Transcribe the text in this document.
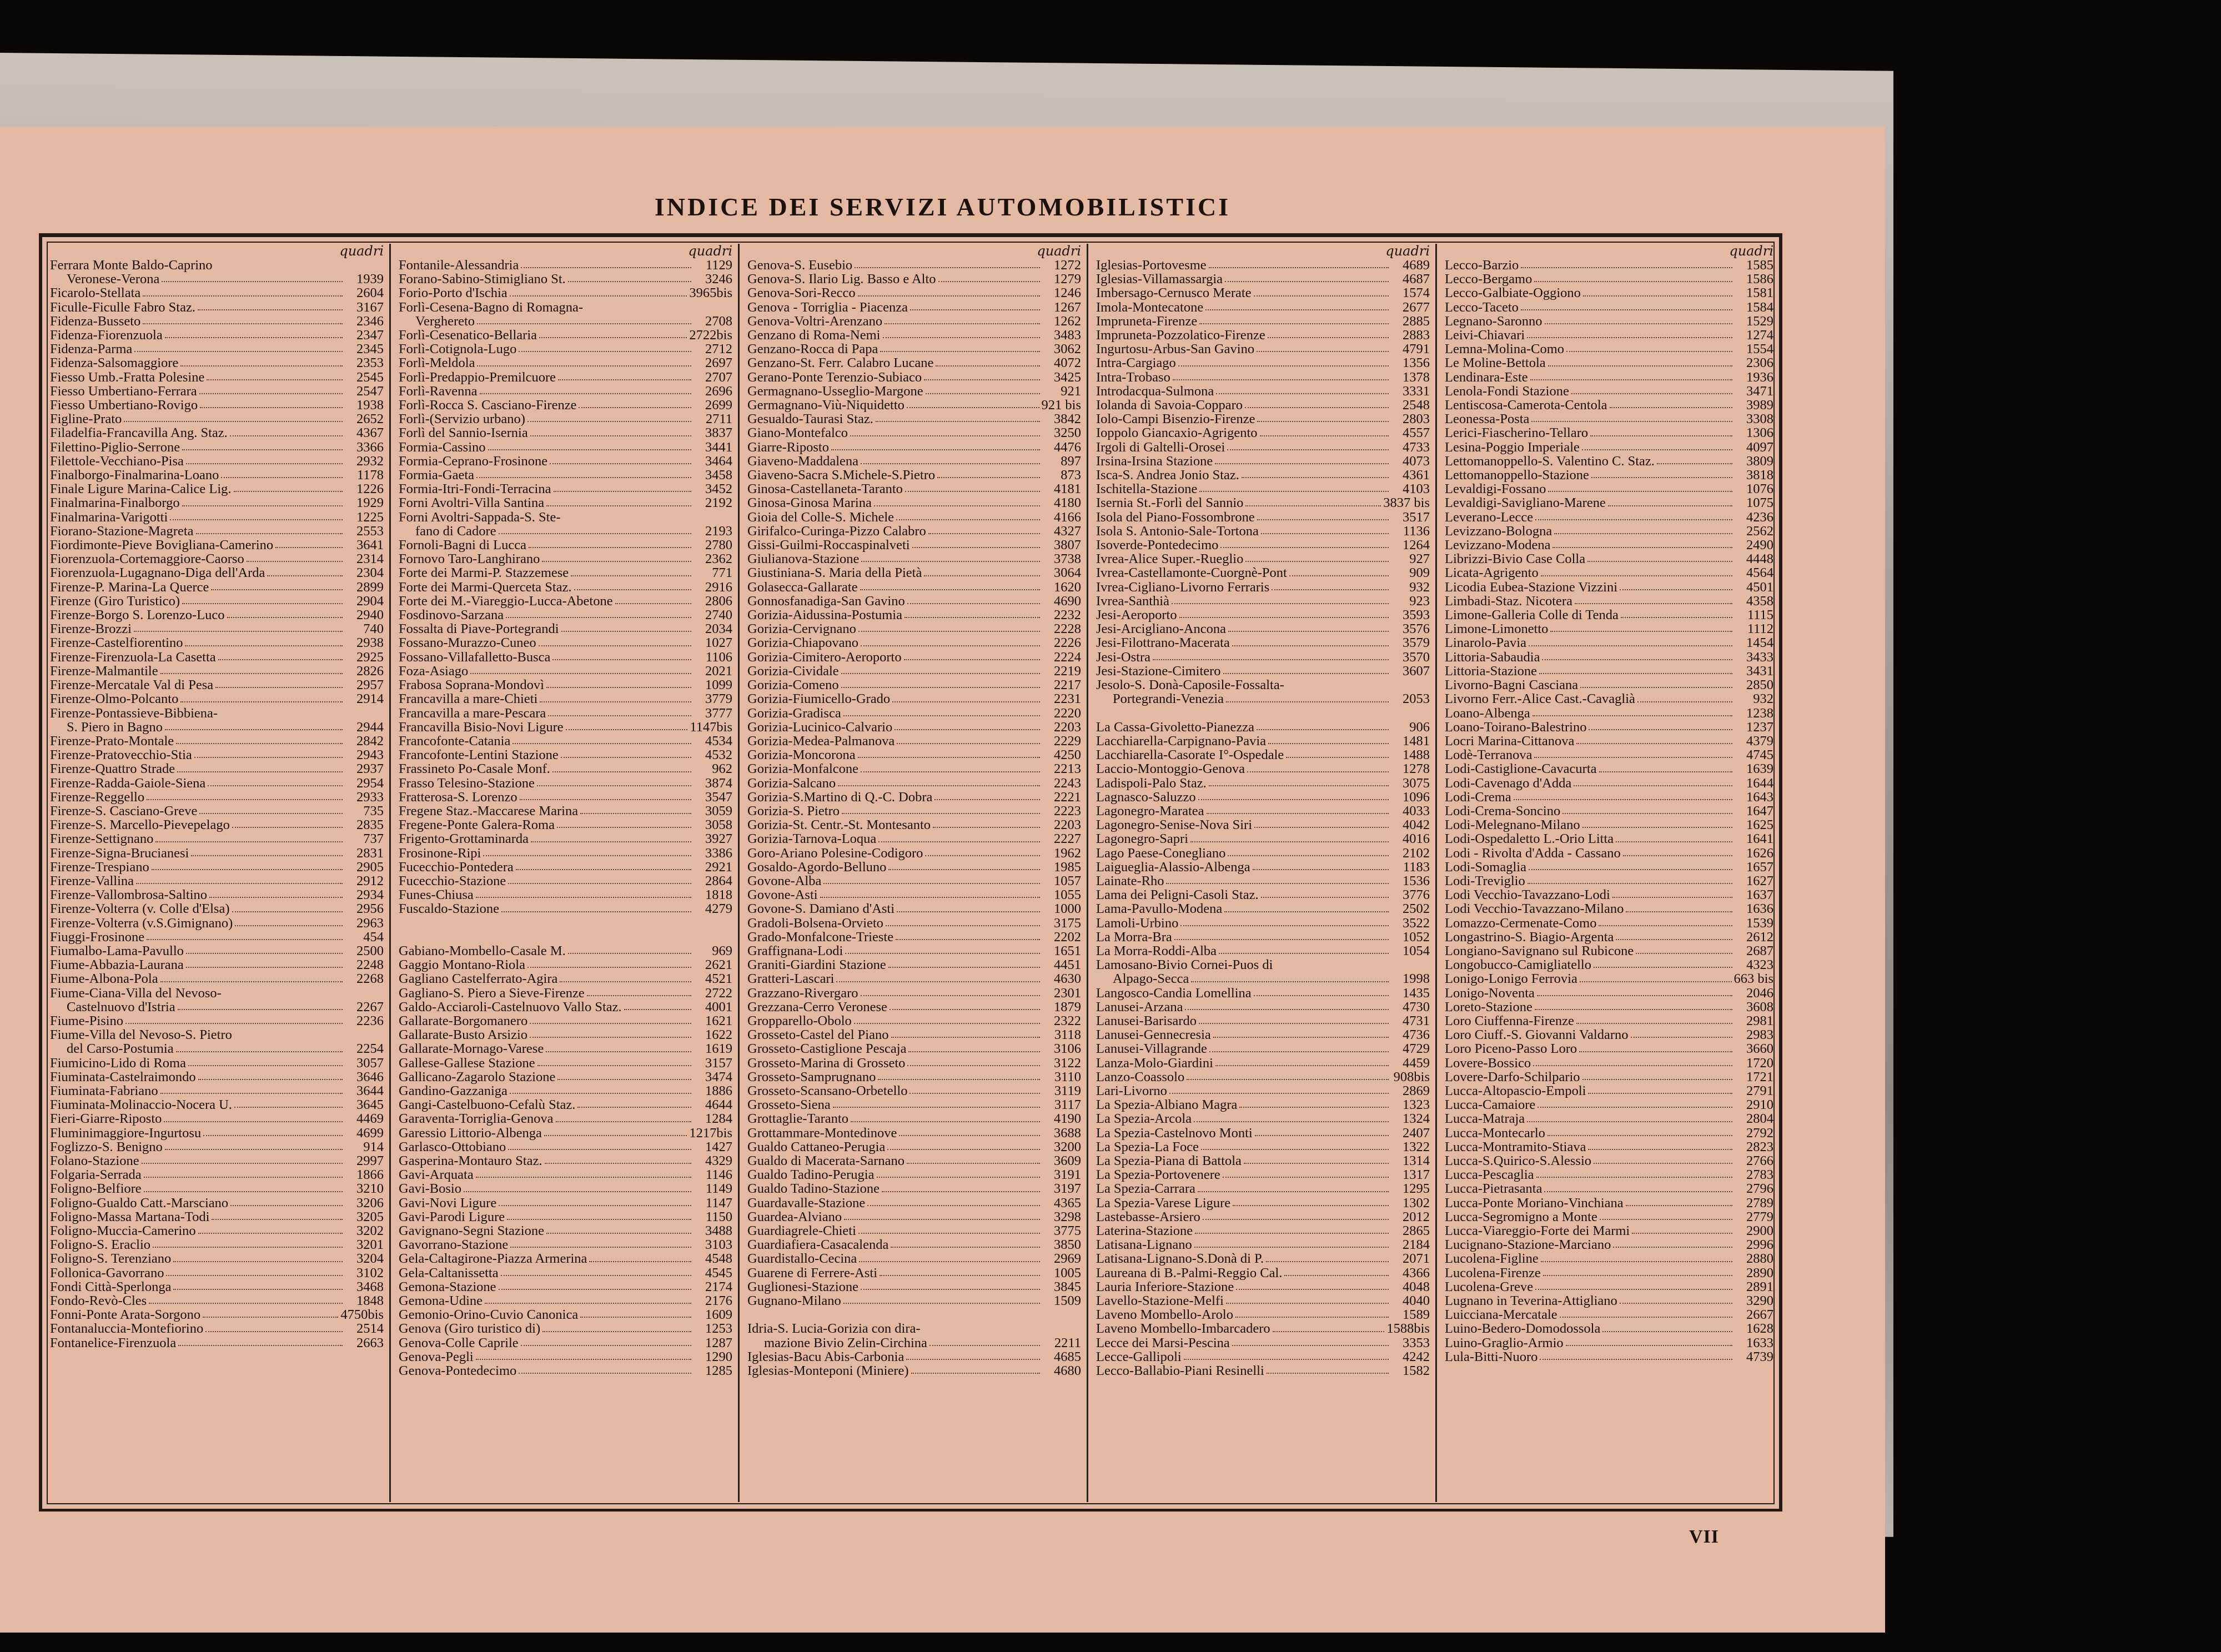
INDICE DEI SERVIZI AUTOMOBILISTICI
quadri
Ferrara Monte Baldo-Caprino
Veronese-Verona	1939
Ficarolo-Stellata	2604
Ficulle-Ficulle Fabro Staz.	3167
Fidenza-Busseto	2346
Fidenza-Fiorenzuola	2347
Fidenza-Parma	2345
Fidenza-Salsomaggiore	2353
Fiesso Umb.-Fratta Polesine	2545
Fiesso Umbertiano-Ferrara	2547
Fiesso Umbertiano-Rovigo	1938
Figline-Prato	2652
Filadelfia-Francavilla Ang. Staz.	4367
Filettino-Piglio-Serrone	3366
Filettole-Vecchiano-Pisa	2932
Finalborgo-Finalmarina-Loano	1178
Finale Ligure Marina-Calice Lig.	1226
Finalmarina-Finalborgo	1929
Finalmarina-Varigotti	1225
Fiorano-Stazione-Magreta	2553
Fiordimonte-Pieve Bovigliana-Camerino	3641
Fiorenzuola-Cortemaggiore-Caorso	2314
Fiorenzuola-Lugagnano-Diga dell'Arda	2304
Firenze-P. Marina-La Querce	2899
Firenze (Giro Turistico)	2904
Firenze-Borgo S. Lorenzo-Luco	2940
Firenze-Brozzi	740
Firenze-Castelfiorentino	2938
Firenze-Firenzuola-La Casetta	2925
Firenze-Malmantile	2826
Firenze-Mercatale Val di Pesa	2957
Firenze-Olmo-Polcanto	2914
Firenze-Pontassieve-Bibbiena-
S. Piero in Bagno	2944
Firenze-Prato-Montale	2842
Firenze-Pratovecchio-Stia	2943
Firenze-Quattro Strade	2937
Firenze-Radda-Gaiole-Siena	2954
Firenze-Reggello	2933
Firenze-S. Casciano-Greve	735
Firenze-S. Marcello-Pievepelago	2835
Firenze-Settignano	737
Firenze-Signa-Brucianesi	2831
Firenze-Trespiano	2905
Firenze-Vallina	2912
Firenze-Vallombrosa-Saltino	2934
Firenze-Volterra (v. Colle d'Elsa)	2956
Firenze-Volterra (v.S.Gimignano)	2963
Fiuggi-Frosinone	454
Fiumalbo-Lama-Pavullo	2500
Fiume-Abbazia-Laurana	2248
Fiume-Albona-Pola	2268
Fiume-Ciana-Villa del Nevoso-
Castelnuovo d'Istria	2267
Fiume-Pisino	2236
Fiume-Villa del Nevoso-S. Pietro
del Carso-Postumia	2254
Fiumicino-Lido di Roma	3057
Fiuminata-Castelraimondo	3646
Fiuminata-Fabriano	3644
Fiuminata-Molinaccio-Nocera U.	3645
Fieri-Giarre-Riposto	4469
Fluminimaggiore-Ingurtosu	4699
Foglizzo-S. Benigno	914
Folano-Stazione	2997
Folgaria-Serrada	1866
Foligno-Belfiore	3210
Foligno-Gualdo Catt.-Marsciano	3206
Foligno-Massa Martana-Todi	3205
Foligno-Muccia-Camerino	3202
Foligno-S. Eraclio	3201
Foligno-S. Terenziano	3204
Follonica-Gavorrano	3102
Fondi Città-Sperlonga	3468
Fondo-Revò-Cles	1848
Fonni-Ponte Arata-Sorgono	4750bis
Fontanaluccia-Montefiorino	2514
Fontanelice-Firenzuola	2663
quadri
Fontanile-Alessandria	1129
Forano-Sabino-Stimigliano St.	3246
Forio-Porto d'Ischia	3965bis
Forlì-Cesena-Bagno di Romagna-
Verghereto	2708
Forlì-Cesenatico-Bellaria	2722bis
Forlì-Cotignola-Lugo	2712
Forlì-Meldola	2697
Forlì-Predappio-Premilcuore	2707
Forlì-Ravenna	2696
Forlì-Rocca S. Casciano-Firenze	2699
Forlì-(Servizio urbano)	2711
Forlì del Sannio-Isernia	3837
Formia-Cassino	3441
Formia-Ceprano-Frosinone	3464
Formia-Gaeta	3458
Formia-Itri-Fondi-Terracina	3452
Forni Avoltri-Villa Santina	2192
Forni Avoltri-Sappada-S. Ste-
fano di Cadore	2193
Fornoli-Bagni di Lucca	2780
Fornovo Taro-Langhirano	2362
Forte dei Marmi-P. Stazzemese	771
Forte dei Marmi-Querceta Staz.	2916
Forte dei M.-Viareggio-Lucca-Abetone	2806
Fosdinovo-Sarzana	2740
Fossalta di Piave-Portegrandi	2034
Fossano-Murazzo-Cuneo	1027
Fossano-Villafalletto-Busca	1106
Foza-Asiago	2021
Frabosa Soprana-Mondovì	1099
Francavilla a mare-Chieti	3779
Francavilla a mare-Pescara	3777
Francavilla Bisio-Novi Ligure	1147bis
Francofonte-Catania	4534
Francofonte-Lentini Stazione	4532
Frassineto Po-Casale Monf.	962
Frasso Telesino-Stazione	3874
Fratterosa-S. Lorenzo	3547
Fregene Staz.-Maccarese Marina	3059
Fregene-Ponte Galera-Roma	3058
Frigento-Grottaminarda	3927
Frosinone-Ripi	3386
Fucecchio-Pontedera	2921
Fucecchio-Stazione	2864
Funes-Chiusa	1818
Fuscaldo-Stazione	4279
Gabiano-Mombello-Casale M.	969
Gaggio Montano-Riola	2621
Gagliano Castelferrato-Agira	4521
Gagliano-S. Piero a Sieve-Firenze	2722
Galdo-Acciaroli-Castelnuovo Vallo Staz.	4001
Gallarate-Borgomanero	1621
Gallarate-Busto Arsizio	1622
Gallarate-Mornago-Varese	1619
Gallese-Gallese Stazione	3157
Gallicano-Zagarolo Stazione	3474
Gandino-Gazzaniga	1886
Gangi-Castelbuono-Cefalù Staz.	4644
Garaventa-Torriglia-Genova	1284
Garessio Littorio-Albenga	1217bis
Garlasco-Ottobiano	1427
Gasperina-Montauro Staz.	4329
Gavi-Arquata	1146
Gavi-Bosio	1149
Gavi-Novi Ligure	1147
Gavi-Parodi Ligure	1150
Gavignano-Segni Stazione	3488
Gavorrano-Stazione	3103
Gela-Caltagirone-Piazza Armerina	4548
Gela-Caltanissetta	4545
Gemona-Stazione	2174
Gemona-Udine	2176
Gemonio-Orino-Cuvio Canonica	1609
Genova (Giro turistico di)	1253
Genova-Colle Caprile	1287
Genova-Pegli	1290
Genova-Pontedecimo	1285
quadri
Genova-S. Eusebio	1272
Genova-S. Ilario Lig. Basso e Alto	1279
Genova-Sori-Recco	1246
Genova - Torriglia - Piacenza	1267
Genova-Voltri-Arenzano	1262
Genzano di Roma-Nemi	3483
Genzano-Rocca di Papa	3062
Genzano-St. Ferr. Calabro Lucane	4072
Gerano-Ponte Terenzio-Subiaco	3425
Germagnano-Usseglio-Margone	921
Germagnano-Viù-Niquidetto	921 bis
Gesualdo-Taurasi Staz.	3842
Giano-Montefalco	3250
Giarre-Riposto	4476
Giaveno-Maddalena	897
Giaveno-Sacra S.Michele-S.Pietro	873
Ginosa-Castellaneta-Taranto	4181
Ginosa-Ginosa Marina	4180
Gioia del Colle-S. Michele	4166
Girifalco-Curinga-Pizzo Calabro	4327
Gissi-Guilmi-Roccaspinalveti	3807
Giulianova-Stazione	3738
Giustiniana-S. Maria della Pietà	3064
Golasecca-Gallarate	1620
Gonnosfanadiga-San Gavino	4690
Gorizia-Aidussina-Postumia	2232
Gorizia-Cervignano	2228
Gorizia-Chiapovano	2226
Gorizia-Cimitero-Aeroporto	2224
Gorizia-Cividale	2219
Gorizia-Comeno	2217
Gorizia-Fiumicello-Grado	2231
Gorizia-Gradisca	2220
Gorizia-Lucinico-Calvario	2203
Gorizia-Medea-Palmanova	2229
Gorizia-Moncorona	4250
Gorizia-Monfalcone	2213
Gorizia-Salcano	2243
Gorizia-S.Martino di Q.-C. Dobra	2221
Gorizia-S. Pietro	2223
Gorizia-St. Centr.-St. Montesanto	2203
Gorizia-Tarnova-Loqua	2227
Goro-Ariano Polesine-Codigoro	1962
Gosaldo-Agordo-Belluno	1985
Govone-Alba	1057
Govone-Asti	1055
Govone-S. Damiano d'Asti	1000
Gradoli-Bolsena-Orvieto	3175
Grado-Monfalcone-Trieste	2202
Graffignana-Lodi	1651
Graniti-Giardini Stazione	4451
Gratteri-Lascari	4630
Grazzano-Rivergaro	2301
Grezzana-Cerro Veronese	1879
Gropparello-Obolo	2322
Grosseto-Castel del Piano	3118
Grosseto-Castiglione Pescaja	3106
Grosseto-Marina di Grosseto	3122
Grosseto-Samprugnano	3110
Grosseto-Scansano-Orbetello	3119
Grosseto-Siena	3117
Grottaglie-Taranto	4190
Grottammare-Montedinove	3688
Gualdo Cattaneo-Perugia	3200
Gualdo di Macerata-Sarnano	3609
Gualdo Tadino-Perugia	3191
Gualdo Tadino-Stazione	3197
Guardavalle-Stazione	4365
Guardea-Alviano	3298
Guardiagrele-Chieti	3775
Guardiafiera-Casacalenda	3850
Guardistallo-Cecina	2969
Guarene di Ferrere-Asti	1005
Guglionesi-Stazione	3845
Gugnano-Milano	1509
Idria-S. Lucia-Gorizia con dira-
mazione Bivio Zelin-Circhina	2211
Iglesias-Bacu Abis-Carbonia	4685
Iglesias-Monteponi (Miniere)	4680
quadri
Iglesias-Portovesme	4689
Iglesias-Villamassargia	4687
Imbersago-Cernusco Merate	1574
Imola-Montecatone	2677
Impruneta-Firenze	2885
Impruneta-Pozzolatico-Firenze	2883
Ingurtosu-Arbus-San Gavino	4791
Intra-Cargiago	1356
Intra-Trobaso	1378
Introdacqua-Sulmona	3331
Iolanda di Savoia-Copparo	2548
Iolo-Campi Bisenzio-Firenze	2803
Ioppolo Giancaxio-Agrigento	4557
Irgoli di Galtelli-Orosei	4733
Irsina-Irsina Stazione	4073
Isca-S. Andrea Jonio Staz.	4361
Ischitella-Stazione	4103
Isernia St.-Forlì del Sannio	3837 bis
Isola del Piano-Fossombrone	3517
Isola S. Antonio-Sale-Tortona	1136
Isoverde-Pontedecimo	1264
Ivrea-Alice Super.-Rueglio	927
Ivrea-Castellamonte-Cuorgnè-Pont	909
Ivrea-Cigliano-Livorno Ferraris	932
Ivrea-Santhià	923
Jesi-Aeroporto	3593
Jesi-Arcigliano-Ancona	3576
Jesi-Filottrano-Macerata	3579
Jesi-Ostra	3570
Jesi-Stazione-Cimitero	3607
Jesolo-S. Donà-Caposile-Fossalta-
Portegrandi-Venezia	2053
La Cassa-Givoletto-Pianezza	906
Lacchiarella-Carpignano-Pavia	1481
Lacchiarella-Casorate I°-Ospedale	1488
Laccio-Montoggio-Genova	1278
Ladispoli-Palo Staz.	3075
Lagnasco-Saluzzo	1096
Lagonegro-Maratea	4033
Lagonegro-Senise-Nova Siri	4042
Lagonegro-Sapri	4016
Lago Paese-Conegliano	2102
Laigueglia-Alassio-Albenga	1183
Lainate-Rho	1536
Lama dei Peligni-Casoli Staz.	3776
Lama-Pavullo-Modena	2502
Lamoli-Urbino	3522
La Morra-Bra	1052
La Morra-Roddi-Alba	1054
Lamosano-Bivio Cornei-Puos di
Alpago-Secca	1998
Langosco-Candia Lomellina	1435
Lanusei-Arzana	4730
Lanusei-Barisardo	4731
Lanusei-Gennecresia	4736
Lanusei-Villagrande	4729
Lanza-Molo-Giardini	4459
Lanzo-Coassolo	908bis
Lari-Livorno	2869
La Spezia-Albiano Magra	1323
La Spezia-Arcola	1324
La Spezia-Castelnovo Monti	2407
La Spezia-La Foce	1322
La Spezia-Piana di Battola	1314
La Spezia-Portovenere	1317
La Spezia-Carrara	1295
La Spezia-Varese Ligure	1302
Lastebasse-Arsiero	2012
Laterina-Stazione	2865
Latisana-Lignano	2184
Latisana-Lignano-S.Donà di P.	2071
Laureana di B.-Palmi-Reggio Cal.	4366
Lauria Inferiore-Stazione	4048
Lavello-Stazione-Melfi	4040
Laveno Mombello-Arolo	1589
Laveno Mombello-Imbarcadero	1588bis
Lecce dei Marsi-Pescina	3353
Lecce-Gallipoli	4242
Lecco-Ballabio-Piani Resinelli	1582
quadri
Lecco-Barzio	1585
Lecco-Bergamo	1586
Lecco-Galbiate-Oggiono	1581
Lecco-Taceto	1584
Legnano-Saronno	1529
Leivi-Chiavari	1274
Lemna-Molina-Como	1554
Le Moline-Bettola	2306
Lendinara-Este	1936
Lenola-Fondi Stazione	3471
Lentiscosa-Camerota-Centola	3989
Leonessa-Posta	3308
Lerici-Fiascherino-Tellaro	1306
Lesina-Poggio Imperiale	4097
Lettomanoppello-S. Valentino C. Staz.	3809
Lettomanoppello-Stazione	3818
Levaldigi-Fossano	1076
Levaldigi-Savigliano-Marene	1075
Leverano-Lecce	4236
Levizzano-Bologna	2562
Levizzano-Modena	2490
Librizzi-Bivio Case Colla	4448
Licata-Agrigento	4564
Licodia Eubea-Stazione Vizzini	4501
Limbadi-Staz. Nicotera	4358
Limone-Galleria Colle di Tenda	1115
Limone-Limonetto	1112
Linarolo-Pavia	1454
Littoria-Sabaudia	3433
Littoria-Stazione	3431
Livorno-Bagni Casciana	2850
Livorno Ferr.-Alice Cast.-Cavaglià	932
Loano-Albenga	1238
Loano-Toirano-Balestrino	1237
Locri Marina-Cittanova	4379
Lodè-Terranova	4745
Lodi-Castiglione-Cavacurta	1639
Lodi-Cavenago d'Adda	1644
Lodi-Crema	1643
Lodi-Crema-Soncino	1647
Lodi-Melegnano-Milano	1625
Lodi-Ospedaletto L.-Orio Litta	1641
Lodi - Rivolta d'Adda - Cassano	1626
Lodi-Somaglia	1657
Lodi-Treviglio	1627
Lodi Vecchio-Tavazzano-Lodi	1637
Lodi Vecchio-Tavazzano-Milano	1636
Lomazzo-Cermenate-Como	1539
Longastrino-S. Biagio-Argenta	2612
Longiano-Savignano sul Rubicone	2687
Longobucco-Camigliatello	4323
Lonigo-Lonigo Ferrovia	663 bis
Lonigo-Noventa	2046
Loreto-Stazione	3608
Loro Ciuffenna-Firenze	2981
Loro Ciuff.-S. Giovanni Valdarno	2983
Loro Piceno-Passo Loro	3660
Lovere-Bossico	1720
Lovere-Darfo-Schilpario	1721
Lucca-Altopascio-Empoli	2791
Lucca-Camaiore	2910
Lucca-Matraja	2804
Lucca-Montecarlo	2792
Lucca-Montramito-Stiava	2823
Lucca-S.Quirico-S.Alessio	2766
Lucca-Pescaglia	2783
Lucca-Pietrasanta	2796
Lucca-Ponte Moriano-Vinchiana	2789
Lucca-Segromigno a Monte	2779
Lucca-Viareggio-Forte dei Marmi	2900
Lucignano-Stazione-Marciano	2996
Lucolena-Figline	2880
Lucolena-Firenze	2890
Lucolena-Greve	2891
Lugnano in Teverina-Attigliano	3290
Luicciana-Mercatale	2667
Luino-Bedero-Domodossola	1628
Luino-Graglio-Armio	1633
Lula-Bitti-Nuoro	4739
VII
